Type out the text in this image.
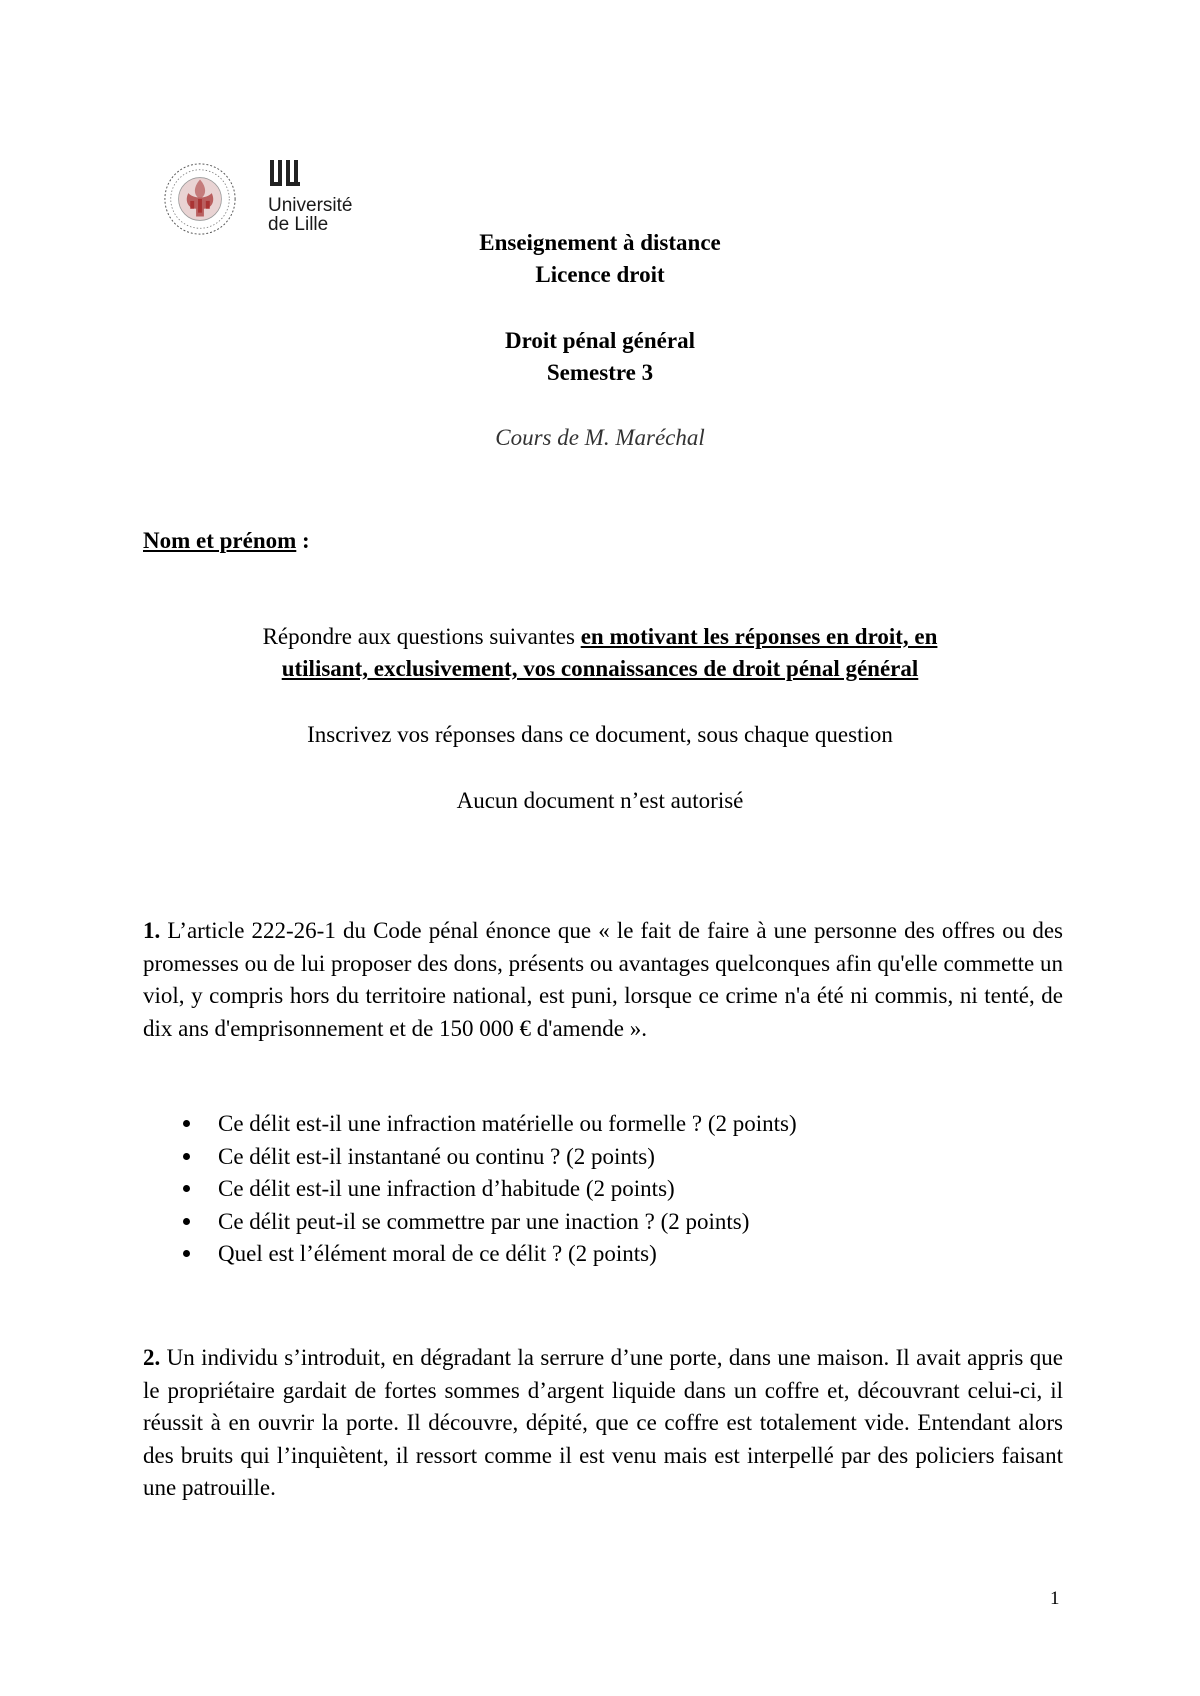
Université
de Lille
Enseignement à distance
Licence droit
Droit pénal général
Semestre 3
Cours de M. Maréchal
Nom et prénom :
Répondre aux questions suivantes en motivant les réponses en droit, en
utilisant, exclusivement, vos connaissances de droit pénal général
Inscrivez vos réponses dans ce document, sous chaque question
Aucun document n’est autorisé
1. L’article 222-26-1 du Code pénal énonce que « le fait de faire à une personne des offres ou des promesses ou de lui proposer des dons, présents ou avantages quelconques afin qu'elle commette un viol, y compris hors du territoire national, est puni, lorsque ce crime n'a été ni commis, ni tenté, de dix ans d'emprisonnement et de 150 000 € d'amende ».
Ce délit est-il une infraction matérielle ou formelle ? (2 points)
Ce délit est-il instantané ou continu ? (2 points)
Ce délit est-il une infraction d’habitude (2 points)
Ce délit peut-il se commettre par une inaction ? (2 points)
Quel est l’élément moral de ce délit ? (2 points)
2. Un individu s’introduit, en dégradant la serrure d’une porte, dans une maison. Il avait appris que le propriétaire gardait de fortes sommes d’argent liquide dans un coffre et, découvrant celui-ci, il réussit à en ouvrir la porte. Il découvre, dépité, que ce coffre est totalement vide. Entendant alors des bruits qui l’inquiètent, il ressort comme il est venu mais est interpellé par des policiers faisant une patrouille.
1
